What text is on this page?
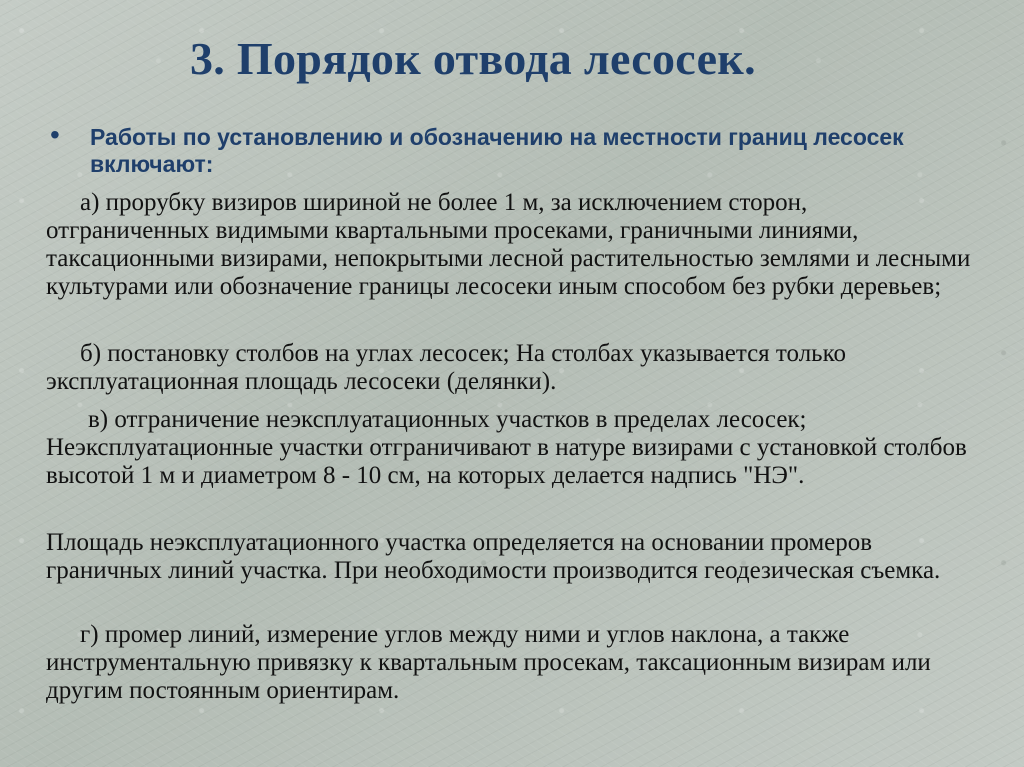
3. Порядок отвода лесосек.
•	Работы по установлению и обозначению на местности границ лесосек включают:

а) прорубку визиров шириной не более 1 м, за исключением сторон, отграниченных видимыми квартальными просеками, граничными линиями, таксационными визирами, непокрытыми лесной растительностью землями и лесными культурами или обозначение границы лесосеки иным способом без рубки деревьев;

б) постановку столбов на углах лесосек; На столбах указывается только эксплуатационная площадь лесосеки (делянки).

в) отграничение неэксплуатационных участков в пределах лесосек; Неэксплуатационные участки отграничивают в натуре визирами с установкой столбов высотой 1 м и диаметром 8 - 10 см, на которых делается надпись "НЭ".

Площадь неэксплуатационного участка определяется на основании промеров граничных линий участка. При необходимости производится геодезическая съемка.

г) промер линий, измерение углов между ними и углов наклона, а также инструментальную привязку к квартальным просекам, таксационным визирам или другим постоянным ориентирам.
